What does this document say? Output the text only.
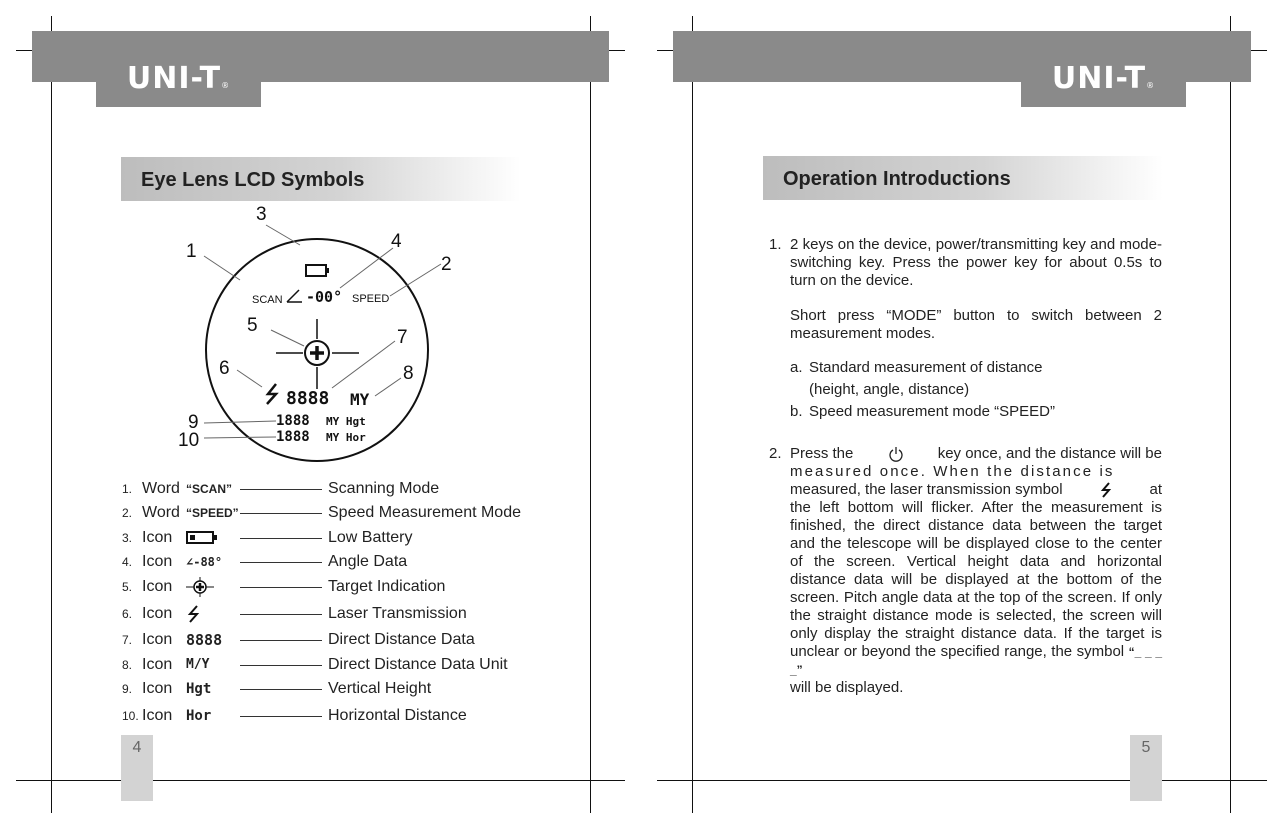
UNI-T®
Eye Lens LCD Symbols
1
2
3
4
5
6
7
8
9
10
SCAN -00° SPEED
8888 MY
1888 MY Hgt
1888 MY Hor
1. Word “SCAN”	Scanning Mode
2. Word “SPEED”	Speed Measurement Mode
3. Icon	Low Battery
4. Icon ∠-88°	Angle Data
5. Icon	Target Indication
6. Icon	Laser Transmission
7. Icon 8888	Direct Distance Data
8. Icon M/Y	Direct Distance Data Unit
9. Icon Hgt	Vertical Height
10. Icon Hor	Horizontal Distance
4
UNI-T®
Operation Introductions
1. 2 keys on the device, power/transmitting key and mode-switching key. Press the power key for about 0.5s to turn on the device.
Short press “MODE” button to switch between 2 measurement modes.
a. Standard measurement of distance
(height, angle, distance)
b. Speed measurement mode “SPEED”
2. Press the	key once, and the distance will be
measured once. When the distance is
measured, the laser transmission symbol	at
the left bottom will flicker. After the measurement is finished, the direct distance data between the target and the telescope will be displayed close to the center of the screen. Vertical height data and horizontal distance data will be displayed at the bottom of the screen. Pitch angle data at the top of the screen. If only the straight distance mode is selected, the screen will only display the straight distance data. If the target is unclear or beyond the specified range, the symbol “_ _ _ _”
will be displayed.
5
